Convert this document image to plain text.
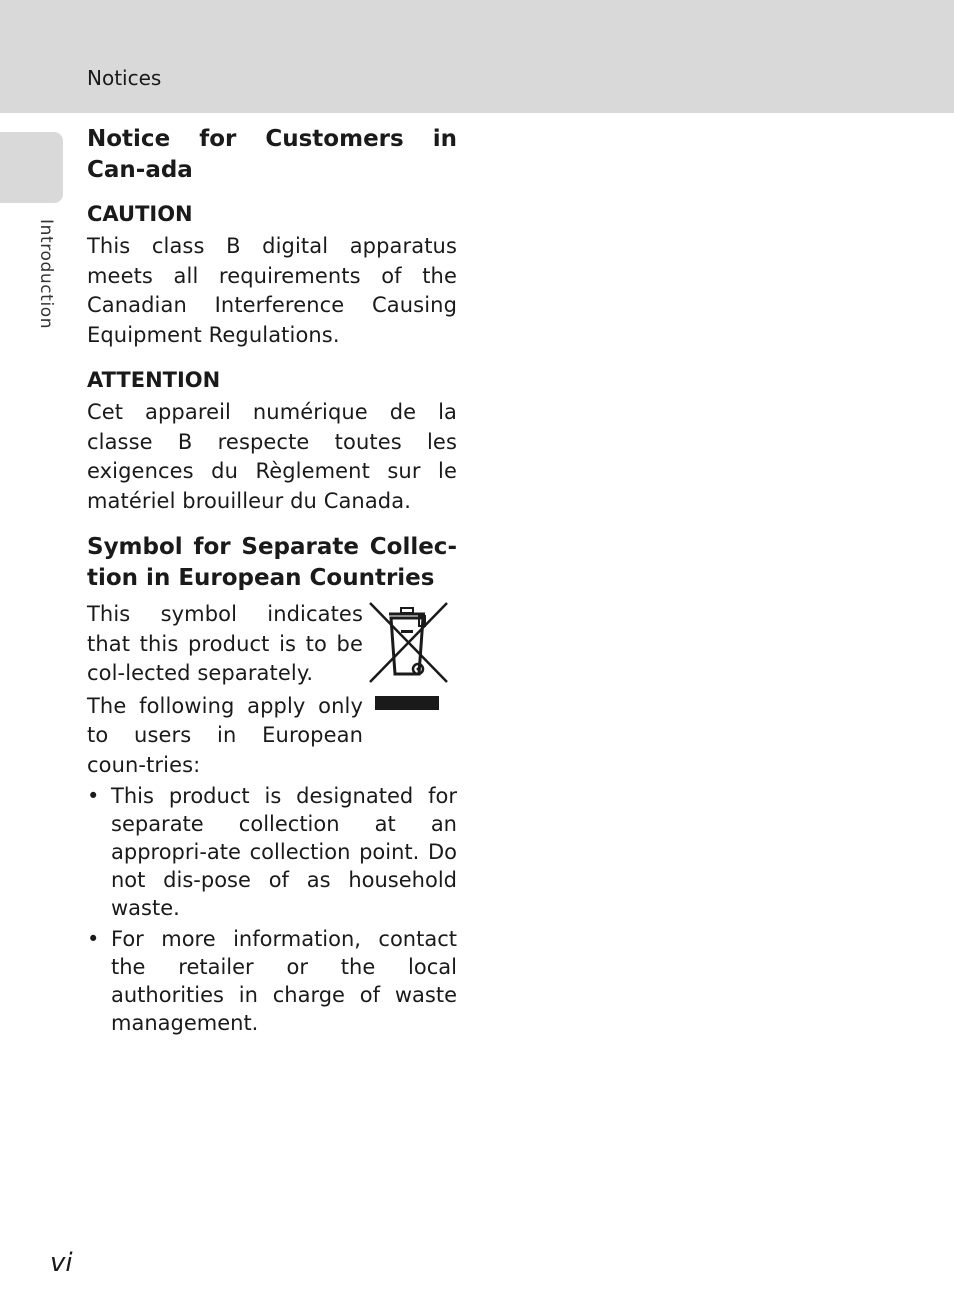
Notices
Introduction
Notice for Customers in Can-ada
CAUTION

This class B digital apparatus meets all requirements of the Canadian Interference Causing Equipment Regulations.

ATTENTION

Cet appareil numérique de la classe B respecte toutes les exigences du Règlement sur le matériel brouilleur du Canada.

Symbol for Separate Collec-tion in European Countries

This symbol indicates that this product is to be col-lected separately.

The following apply only to users in European coun-tries:

• This product is designated for separate collection at an appropri-ate collection point. Do not dis-pose of as household waste.
• For more information, contact the retailer or the local authorities in charge of waste management.
vi
